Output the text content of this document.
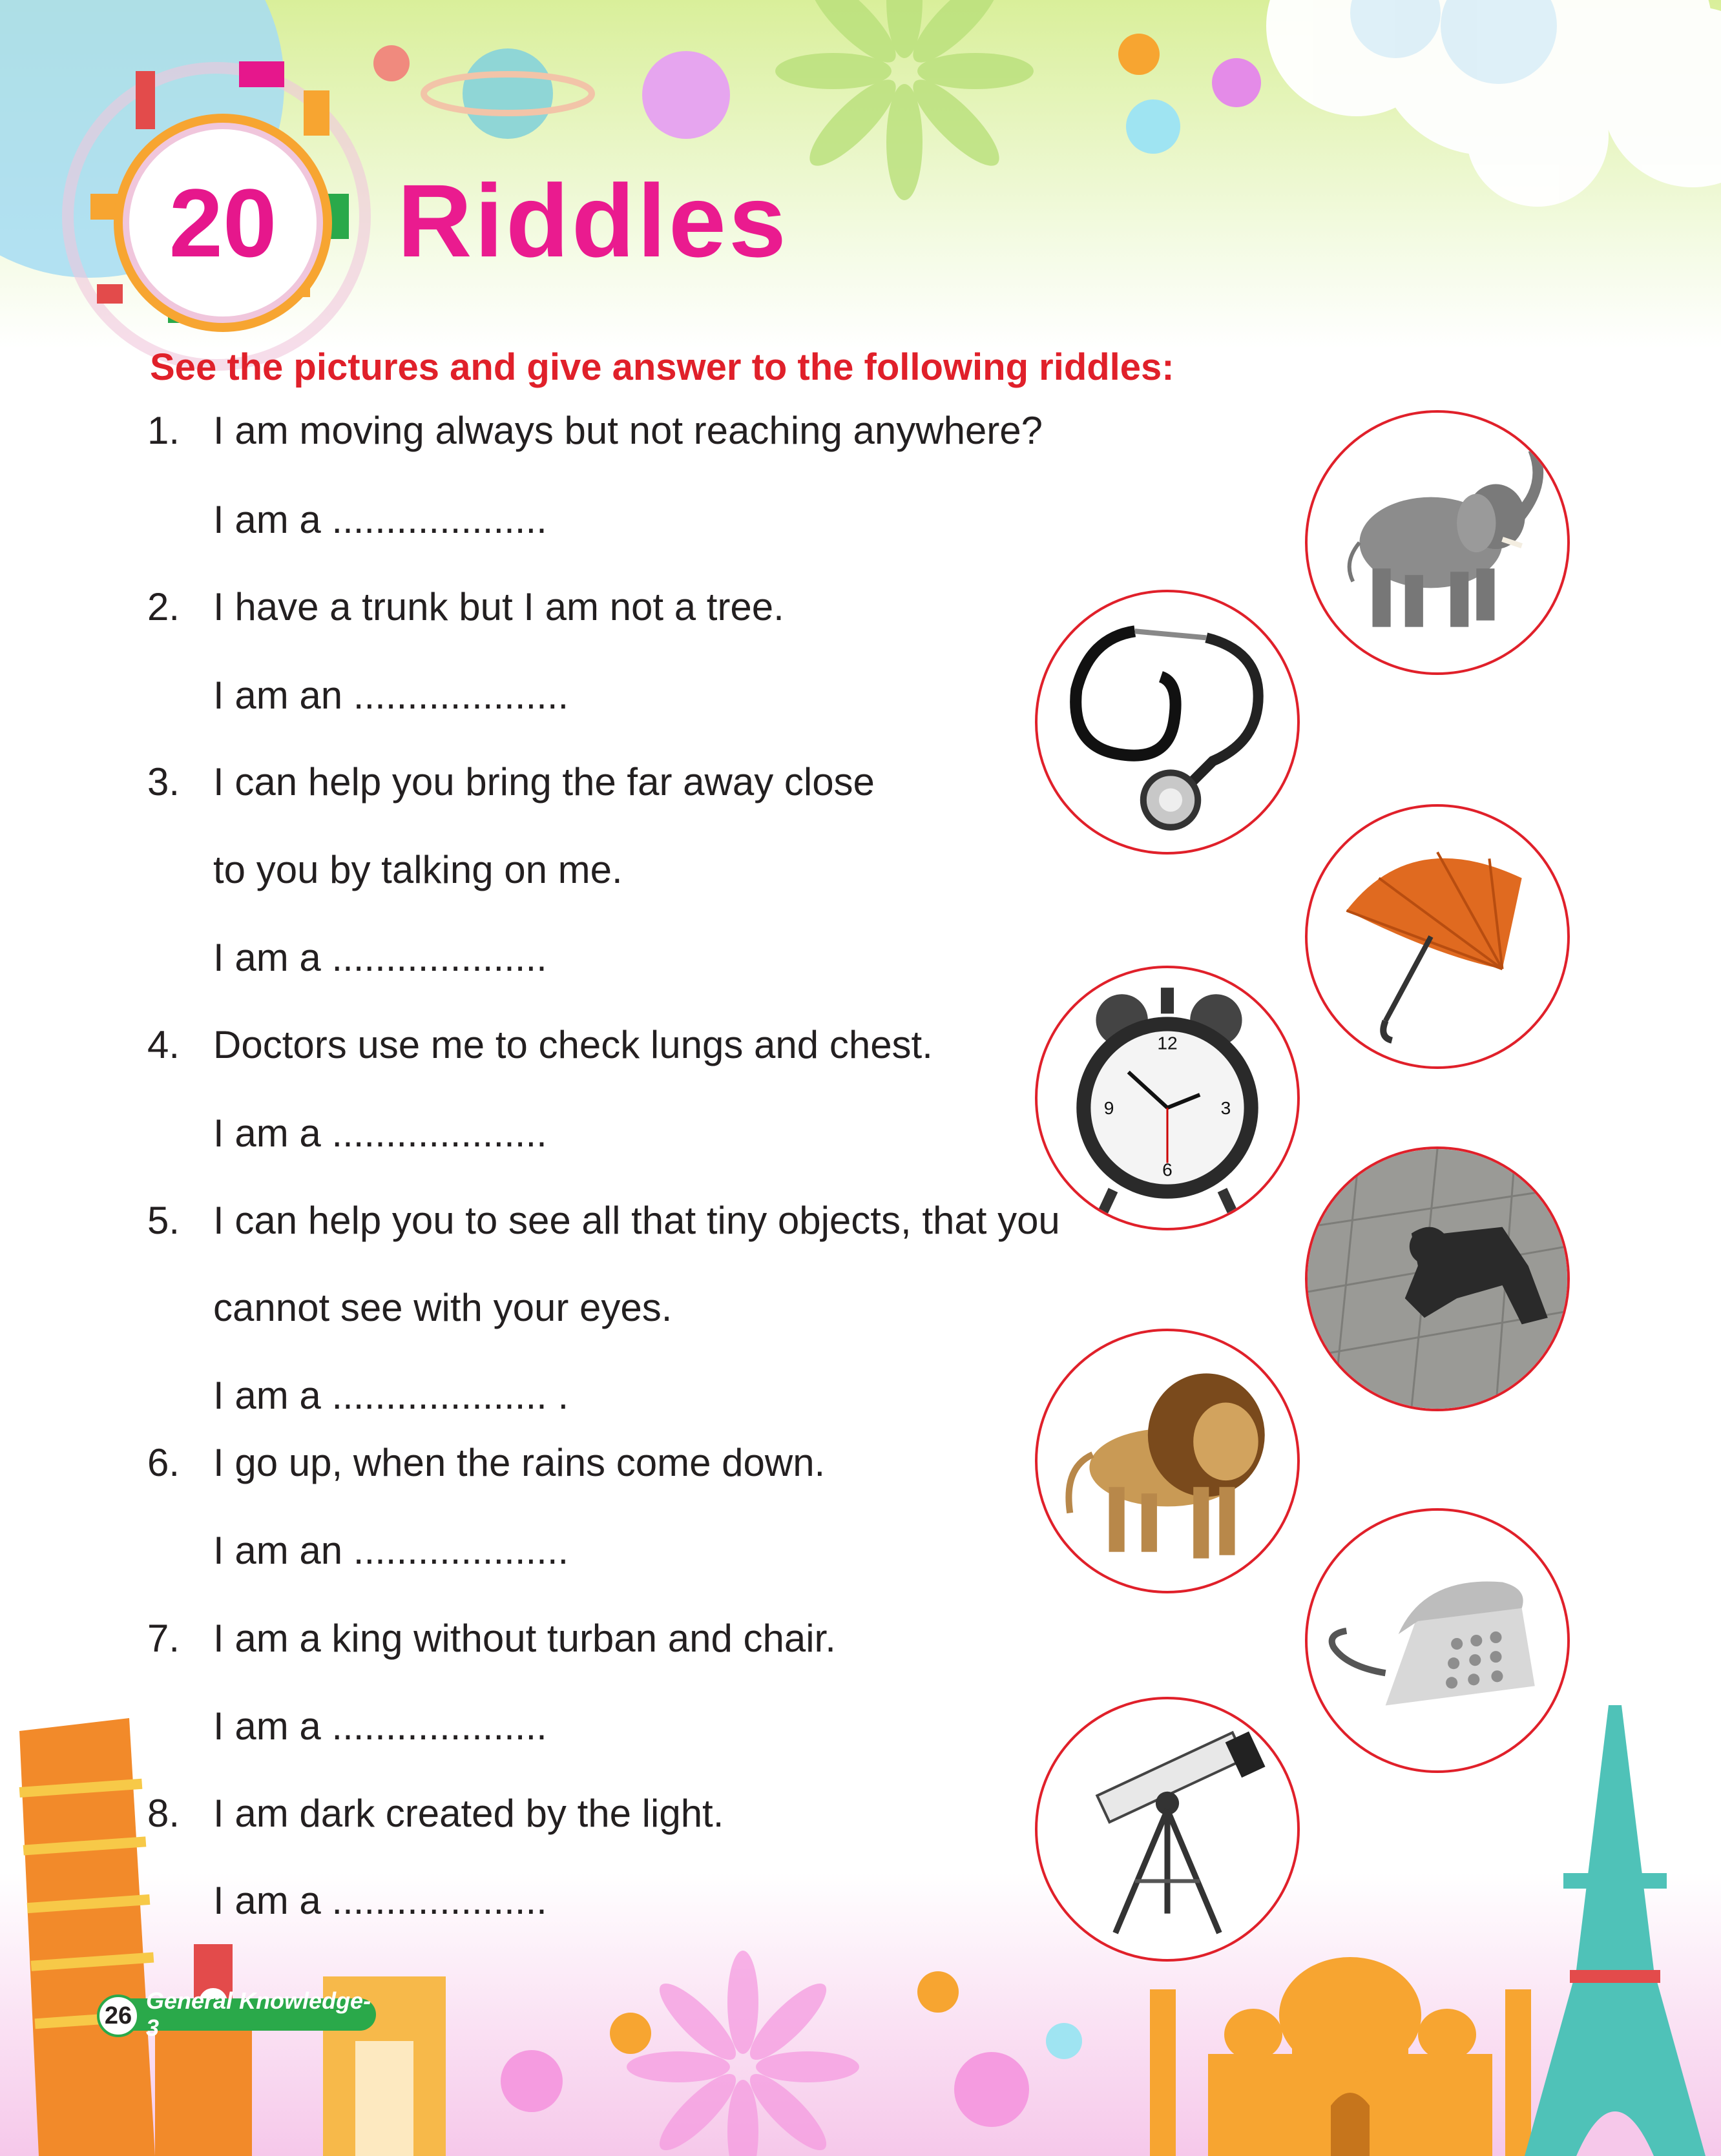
20	Riddles
See the pictures and give answer to the following riddles:
1. I am moving always but not reaching anywhere?
I am a ....................
2. I have a trunk but I am not a tree.
I am an ....................
3. I can help you bring the far away close
to you by talking on me.
I am a ....................
4. Doctors use me to check lungs and chest.
I am a ....................
5. I can help you to see all that tiny objects, that you
cannot see with your eyes.
I am a .................... .
6. I go up, when the rains come down.
I am an ....................
7. I am a king without turban and chair.
I am a ....................
8. I am dark created by the light.
I am a ....................
12
3
6
9
General Knowledge-3
26
